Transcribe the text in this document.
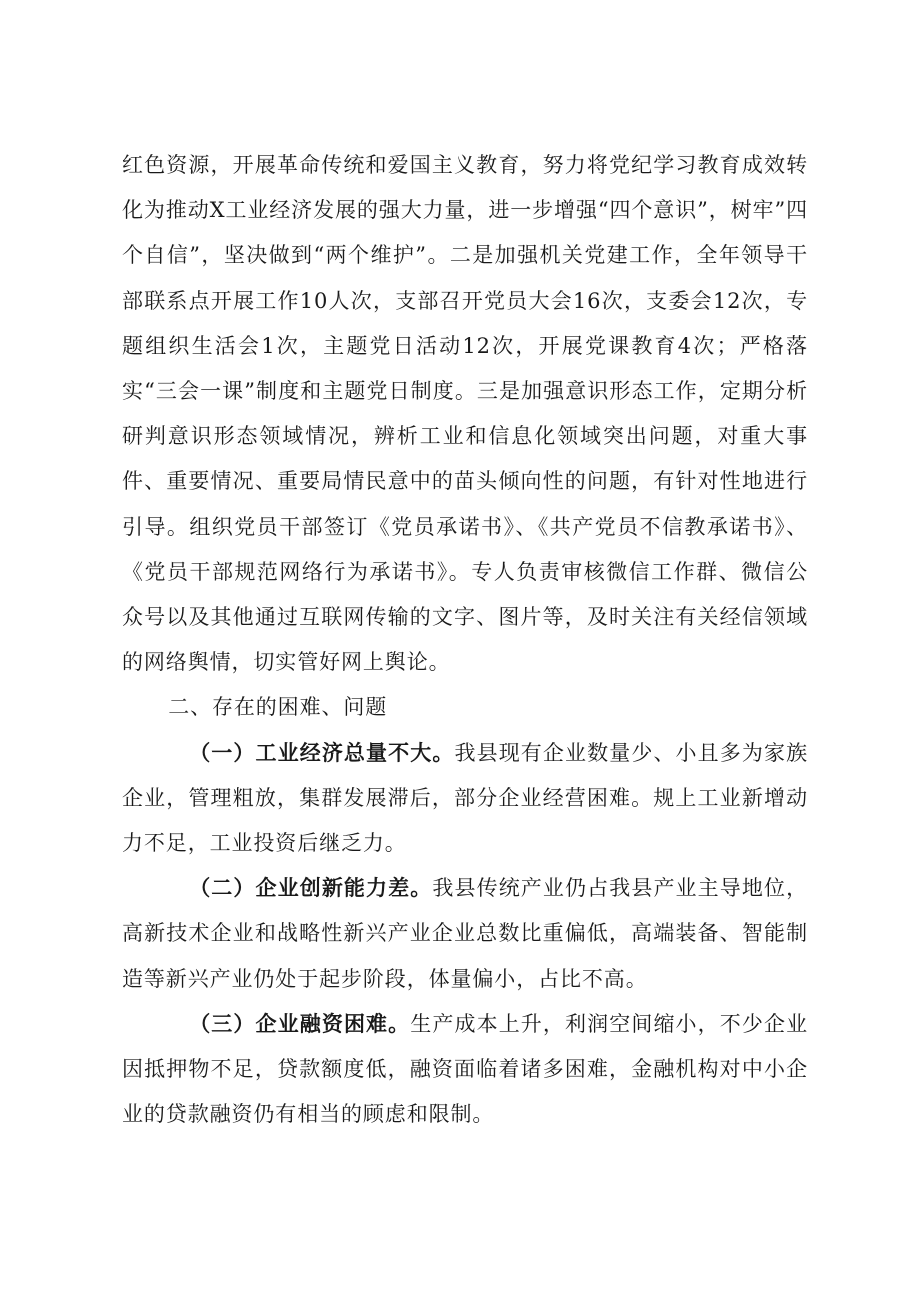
红色资源，开展革命传统和爱国主义教育，努力将党纪学习教育成效转化为推动X工业经济发展的强大力量，进一步增强“四个意识”，树牢”四个自信”，坚决做到“两个维护”。二是加强机关党建工作，全年领导干部联系点开展工作10人次，支部召开党员大会16次，支委会12次，专题组织生活会1次，主题党日活动12次，开展党课教育4次；严格落实“三会一课”制度和主题党日制度。三是加强意识形态工作，定期分析研判意识形态领域情况，辨析工业和信息化领域突出问题，对重大事件、重要情况、重要局情民意中的苗头倾向性的问题，有针对性地进行引导。组织党员干部签订《党员承诺书》、《共产党员不信教承诺书》、《党员干部规范网络行为承诺书》。专人负责审核微信工作群、微信公众号以及其他通过互联网传输的文字、图片等，及时关注有关经信领域的网络舆情，切实管好网上舆论。

二、存在的困难、问题

（一）工业经济总量不大。我县现有企业数量少、小且多为家族企业，管理粗放，集群发展滞后，部分企业经营困难。规上工业新增动力不足，工业投资后继乏力。

（二）企业创新能力差。我县传统产业仍占我县产业主导地位，高新技术企业和战略性新兴产业企业总数比重偏低，高端装备、智能制造等新兴产业仍处于起步阶段，体量偏小，占比不高。

（三）企业融资困难。生产成本上升，利润空间缩小，不少企业因抵押物不足，贷款额度低，融资面临着诸多困难，金融机构对中小企业的贷款融资仍有相当的顾虑和限制。
